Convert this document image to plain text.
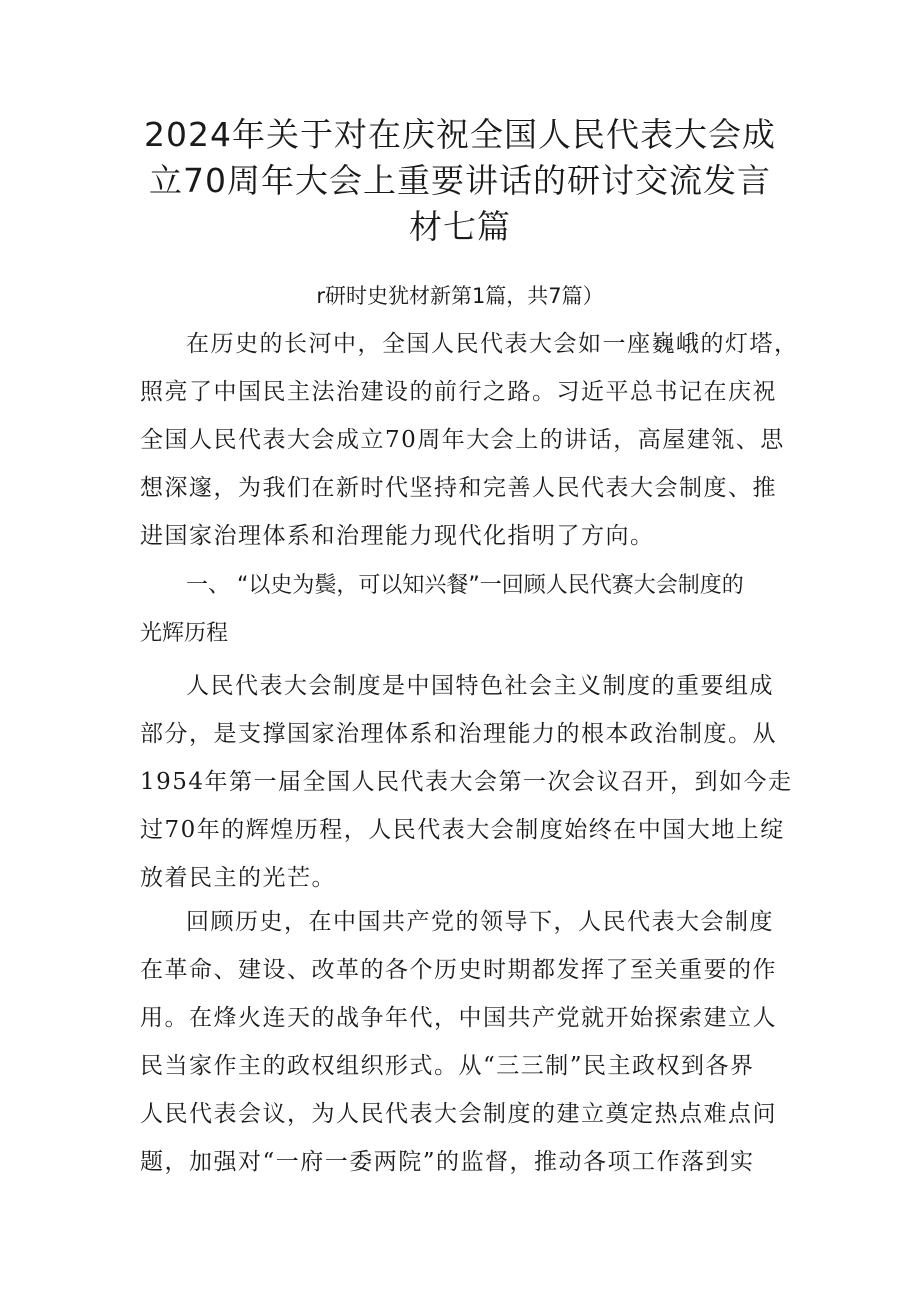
2024年关于对在庆祝全国人民代表大会成
立70周年大会上重要讲话的研讨交流发言
材七篇
r研时史犹材新第1篇，共7篇）
在历史的长河中，全国人民代表大会如一座巍峨的灯塔，
照亮了中国民主法治建设的前行之路。习近平总书记在庆祝
全国人民代表大会成立70周年大会上的讲话，高屋建瓴、思
想深邃，为我们在新时代坚持和完善人民代表大会制度、推
进国家治理体系和治理能力现代化指明了方向。
一、 “以史为鬓，可以知兴餐”一回顾人民代赛大会制度的
光辉历程
人民代表大会制度是中国特色社会主义制度的重要组成
部分，是支撑国家治理体系和治理能力的根本政治制度。从
1954年第一届全国人民代表大会第一次会议召开，到如今走
过70年的辉煌历程，人民代表大会制度始终在中国大地上绽
放着民主的光芒。
回顾历史，在中国共产党的领导下，人民代表大会制度
在革命、建设、改革的各个历史时期都发挥了至关重要的作
用。在烽火连天的战争年代，中国共产党就开始探索建立人
民当家作主的政权组织形式。从“三三制”民主政权到各界
人民代表会议，为人民代表大会制度的建立奠定热点难点问
题，加强对“一府一委两院”的监督，推动各项工作落到实
